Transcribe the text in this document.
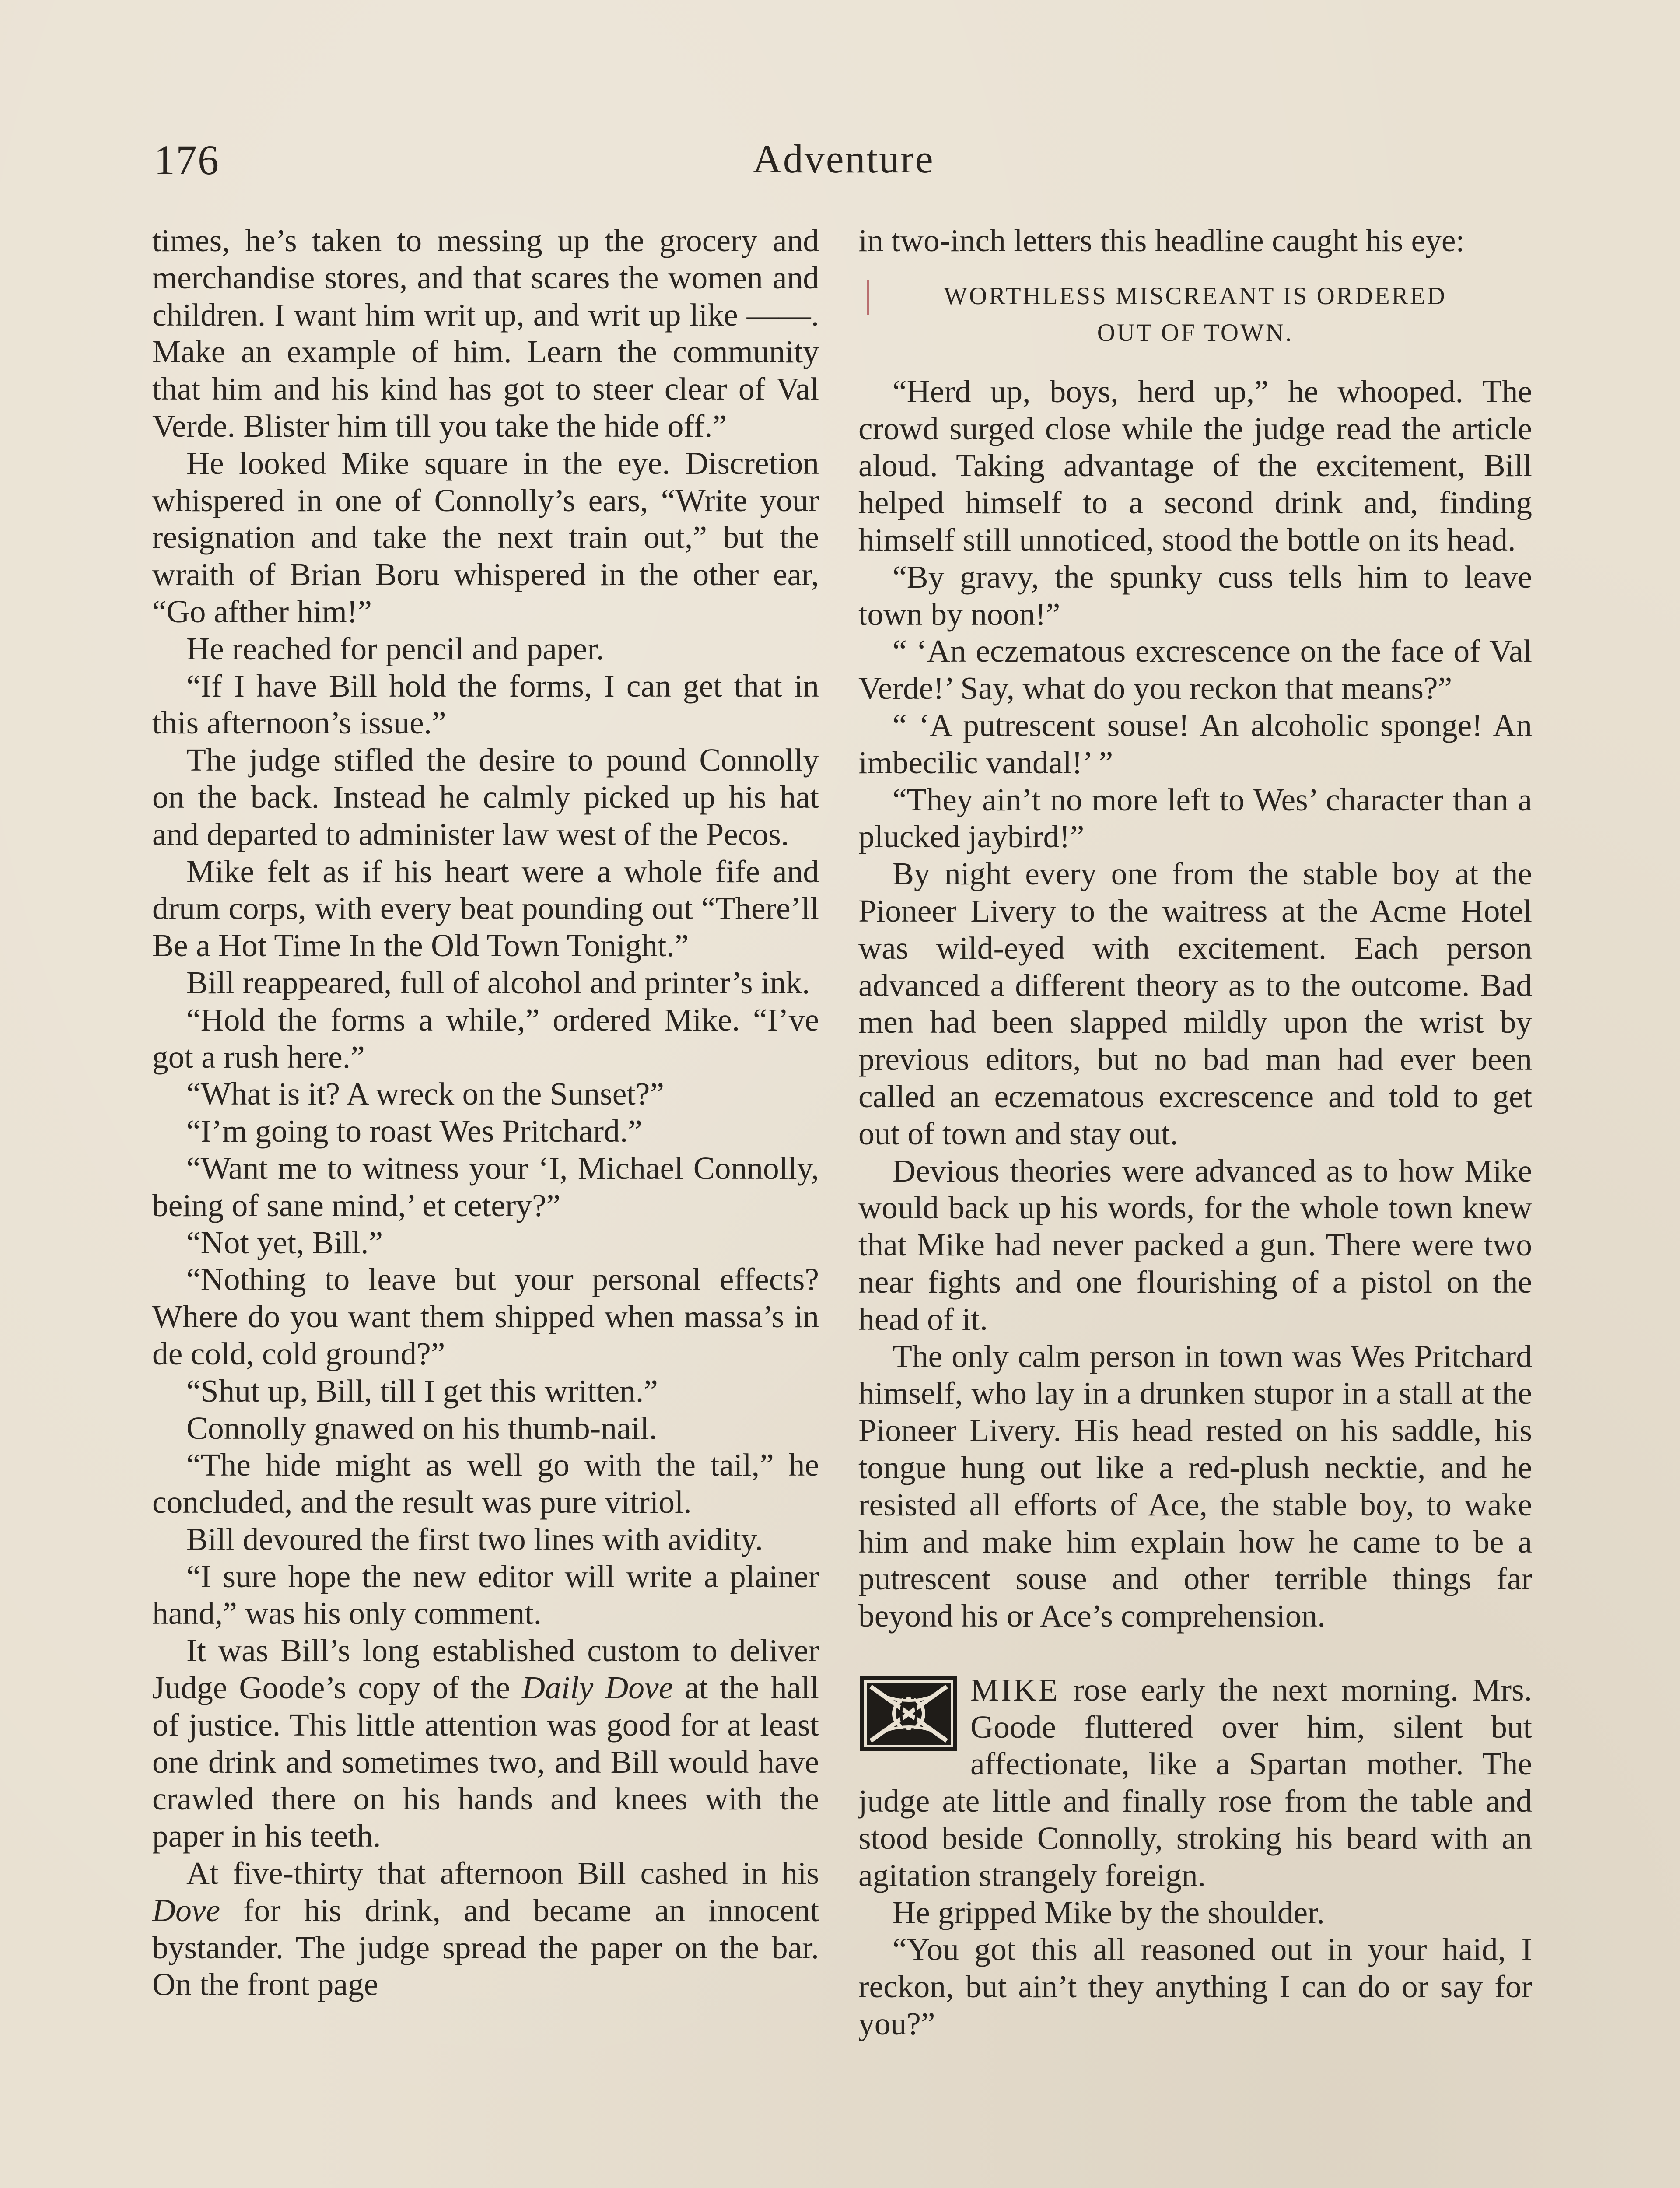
176	Adventure

times, he’s taken to messing up the grocery and merchandise stores, and that scares the women and children. I want him writ up, and writ up like ——. Make an example of him. Learn the community that him and his kind has got to steer clear of Val Verde. Blister him till you take the hide off.”

He looked Mike square in the eye. Discretion whispered in one of Connolly’s ears, “Write your resignation and take the next train out,” but the wraith of Brian Boru whispered in the other ear, “Go afther him!”

He reached for pencil and paper.

“If I have Bill hold the forms, I can get that in this afternoon’s issue.”

The judge stifled the desire to pound Connolly on the back. Instead he calmly picked up his hat and departed to administer law west of the Pecos.

Mike felt as if his heart were a whole fife and drum corps, with every beat pounding out “There’ll Be a Hot Time In the Old Town Tonight.”

Bill reappeared, full of alcohol and printer’s ink.

“Hold the forms a while,” ordered Mike. “I’ve got a rush here.”

“What is it? A wreck on the Sunset?”

“I’m going to roast Wes Pritchard.”

“Want me to witness your ‘I, Michael Connolly, being of sane mind,’ et cetery?”

“Not yet, Bill.”

“Nothing to leave but your personal effects? Where do you want them shipped when massa’s in de cold, cold ground?”

“Shut up, Bill, till I get this written.”

Connolly gnawed on his thumb-nail.

“The hide might as well go with the tail,” he concluded, and the result was pure vitriol.

Bill devoured the first two lines with avidity.

“I sure hope the new editor will write a plainer hand,” was his only comment.

It was Bill’s long established custom to deliver Judge Goode’s copy of the Daily Dove at the hall of justice. This little attention was good for at least one drink and sometimes two, and Bill would have crawled there on his hands and knees with the paper in his teeth.

At five-thirty that afternoon Bill cashed in his Dove for his drink, and became an innocent bystander. The judge spread the paper on the bar. On the front page

in two-inch letters this headline caught his eye:

WORTHLESS MISCREANT IS ORDERED
OUT OF TOWN.

“Herd up, boys, herd up,” he whooped. The crowd surged close while the judge read the article aloud. Taking advantage of the excitement, Bill helped himself to a second drink and, finding himself still unnoticed, stood the bottle on its head.

“By gravy, the spunky cuss tells him to leave town by noon!”

“ ‘An eczematous excrescence on the face of Val Verde!’ Say, what do you reckon that means?”

“ ‘A putrescent souse! An alcoholic sponge! An imbecilic vandal!’ ”

“They ain’t no more left to Wes’ character than a plucked jaybird!”

By night every one from the stable boy at the Pioneer Livery to the waitress at the Acme Hotel was wild-eyed with excitement. Each person advanced a different theory as to the outcome. Bad men had been slapped mildly upon the wrist by previous editors, but no bad man had ever been called an eczematous excrescence and told to get out of town and stay out.

Devious theories were advanced as to how Mike would back up his words, for the whole town knew that Mike had never packed a gun. There were two near fights and one flourishing of a pistol on the head of it.

The only calm person in town was Wes Pritchard himself, who lay in a drunken stupor in a stall at the Pioneer Livery. His head rested on his saddle, his tongue hung out like a red-plush necktie, and he resisted all efforts of Ace, the stable boy, to wake him and make him explain how he came to be a putrescent souse and other terrible things far beyond his or Ace’s comprehension.

MIKE rose early the next morning. Mrs. Goode fluttered over him, silent but affectionate, like a Spartan mother. The judge ate little and finally rose from the table and stood beside Connolly, stroking his beard with an agitation strangely foreign.

He gripped Mike by the shoulder.

“You got this all reasoned out in your haid, I reckon, but ain’t they anything I can do or say for you?”
